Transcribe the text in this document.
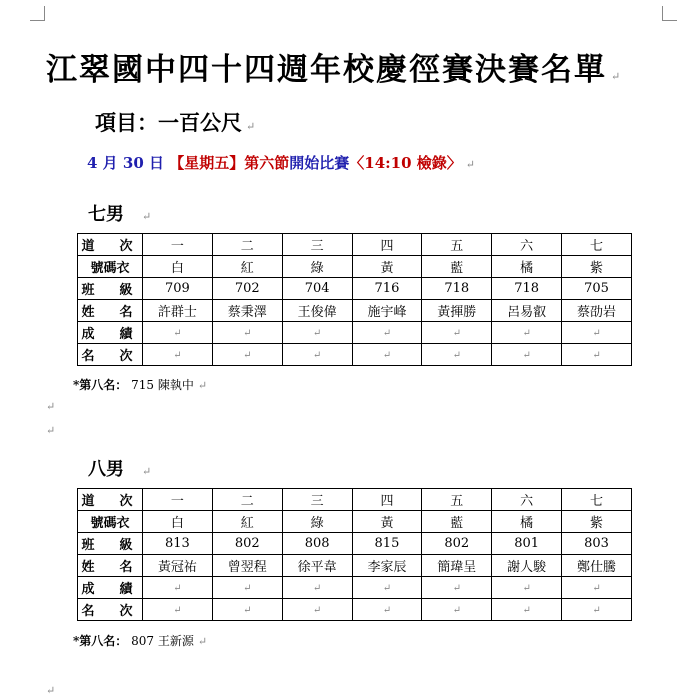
江翠國中四十四週年校慶徑賽決賽名單 ↵
項目：一百公尺 ↵
4 月 30 日 【星期五】第六節開始比賽〈14:10 檢錄〉 ↵
七男 ↵
道　次	一	二	三	四	五	六	七
號碼衣	白	紅	綠	黃	藍	橘	紫
班　級	709	702	704	716	718	718	705
姓　名	許群士	蔡秉澤	王俊偉	施宇峰	黃揮勝	呂易叡	蔡劭岩
成　績	↵	↵	↵	↵	↵	↵	↵
名　次	↵	↵	↵	↵	↵	↵	↵
*第八名： 715 陳執中 ↵
↵
↵
八男 ↵
道　次	一	二	三	四	五	六	七
號碼衣	白	紅	綠	黃	藍	橘	紫
班　級	813	802	808	815	802	801	803
姓　名	黃冠祐	曾翌程	徐平韋	李家辰	簡瑋呈	謝人駿	鄭仕騰
成　績	↵	↵	↵	↵	↵	↵	↵
名　次	↵	↵	↵	↵	↵	↵	↵
*第八名： 807 王新源 ↵
↵
